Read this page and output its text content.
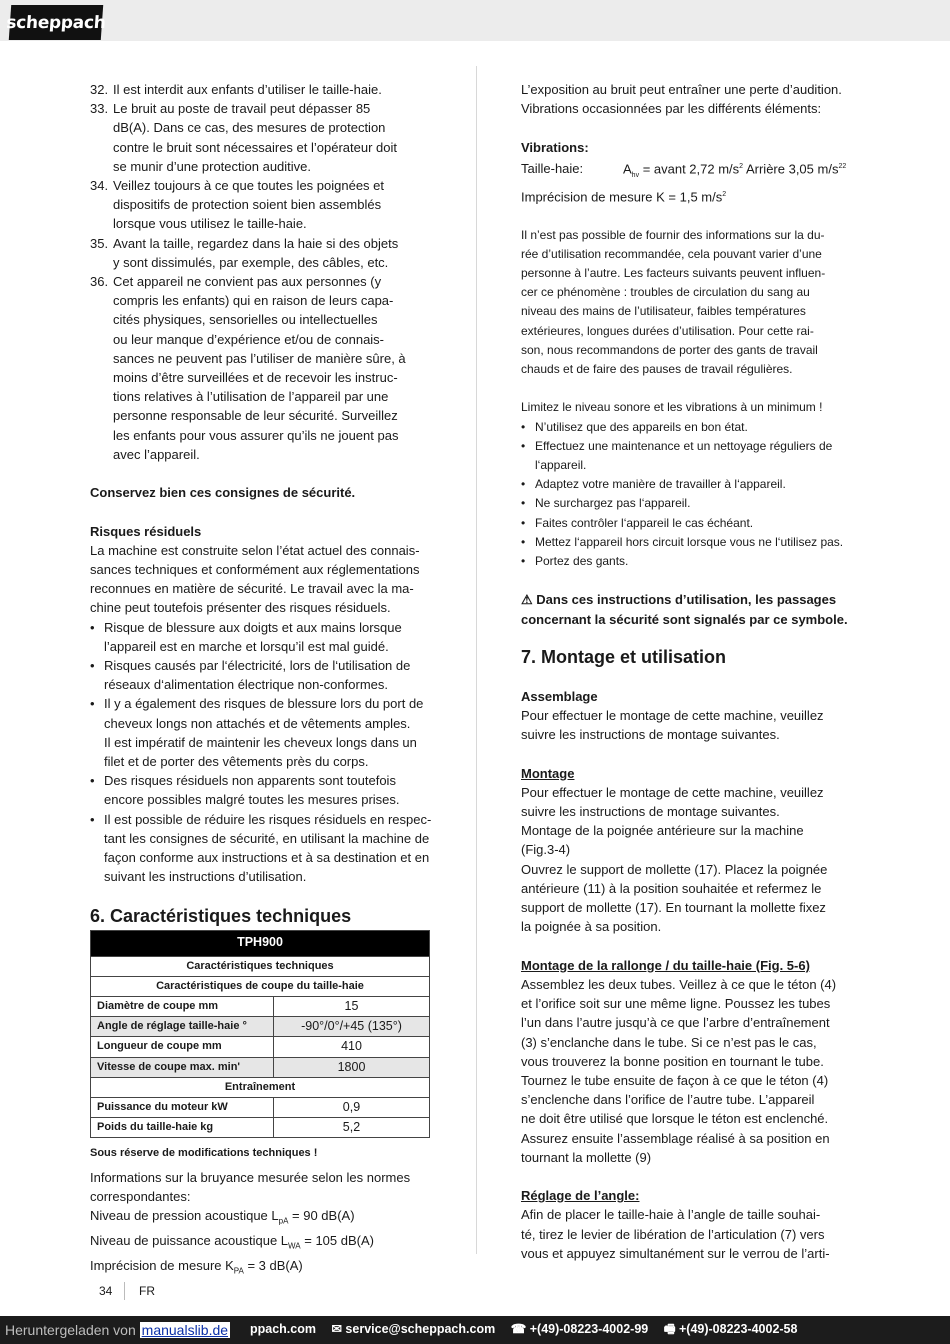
scheppach
32. Il est interdit aux enfants d’utiliser le taille-haie.
33. Le bruit au poste de travail peut dépasser 85
dB(A). Dans ce cas, des mesures de protection
contre le bruit sont nécessaires et l’opérateur doit
se munir d’une protection auditive.
34. Veillez toujours à ce que toutes les poignées et
dispositifs de protection soient bien assemblés
lorsque vous utilisez le taille-haie.
35. Avant la taille, regardez dans la haie si des objets
y sont dissimulés, par exemple, des câbles, etc.
36. Cet appareil ne convient pas aux personnes (y
compris les enfants) qui en raison de leurs capa-
cités physiques, sensorielles ou intellectuelles
ou leur manque d’expérience et/ou de connais-
sances ne peuvent pas l’utiliser de manière sûre, à
moins d’être surveillées et de recevoir les instruc-
tions relatives à l’utilisation de l’appareil par une
personne responsable de leur sécurité. Surveillez
les enfants pour vous assurer qu’ils ne jouent pas
avec l’appareil.
Conservez bien ces consignes de sécurité.
Risques résiduels
La machine est construite selon l’état actuel des connais-
sances techniques et conformément aux réglementations
reconnues en matière de sécurité. Le travail avec la ma-
chine peut toutefois présenter des risques résiduels.
• Risque de blessure aux doigts et aux mains lorsque
l’appareil est en marche et lorsqu’il est mal guidé.
• Risques causés par l‘électricité, lors de l‘utilisation de
réseaux d‘alimentation électrique non-conformes.
• Il y a également des risques de blessure lors du port de
cheveux longs non attachés et de vêtements amples.
Il est impératif de maintenir les cheveux longs dans un
filet et de porter des vêtements près du corps.
• Des risques résiduels non apparents sont toutefois
encore possibles malgré toutes les mesures prises.
• Il est possible de réduire les risques résiduels en respec-
tant les consignes de sécurité, en utilisant la machine de
façon conforme aux instructions et à sa destination et en
suivant les instructions d’utilisation.
6. Caractéristiques techniques
TPH900	
Caractéristiques techniques	
Caractéristiques de coupe du taille-haie	
Diamètre de coupe mm	15
Angle de réglage taille-haie °	-90°/0°/+45 (135°)
Longueur de coupe mm	410
Vitesse de coupe max. min'	1800
Entraînement	
Puissance du moteur kW	0,9
Poids du taille-haie kg	5,2
Sous réserve de modifications techniques !
Informations sur la bruyance mesurée selon les normes
correspondantes:
Niveau de pression acoustique $L_{pA} = 90$ dB(A)
Niveau de puissance acoustique $L_{WA} = 105$ dB(A)
Imprécision de mesure $K_{PA} = 3$ dB(A)
L’exposition au bruit peut entraîner une perte d’audition.
Vibrations occasionnées par les différents éléments:
Vibrations:
Taille-haie:	$A_{hv}$ = avant 2,72 $m/s^2$ Arrière 3,05 $m/s^{22}$
Imprécision de mesure K = 1,5 $m/s^2$
Il n’est pas possible de fournir des informations sur la du-
rée d’utilisation recommandée, cela pouvant varier d’une
personne à l’autre. Les facteurs suivants peuvent influen-
cer ce phénomène : troubles de circulation du sang au
niveau des mains de l’utilisateur, faibles températures
extérieures, longues durées d’utilisation. Pour cette rai-
son, nous recommandons de porter des gants de travail
chauds et de faire des pauses de travail régulières.
Limitez le niveau sonore et les vibrations à un minimum !
• N’utilisez que des appareils en bon état.
• Effectuez une maintenance et un nettoyage réguliers de
l‘appareil.
• Adaptez votre manière de travailler à l‘appareil.
• Ne surchargez pas l‘appareil.
• Faites contrôler l‘appareil le cas échéant.
• Mettez l‘appareil hors circuit lorsque vous ne l‘utilisez pas.
• Portez des gants.
⚠ Dans ces instructions d’utilisation, les passages
concernant la sécurité sont signalés par ce symbole.
7. Montage et utilisation
Assemblage
Pour effectuer le montage de cette machine, veuillez
suivre les instructions de montage suivantes.
Montage
Pour effectuer le montage de cette machine, veuillez
suivre les instructions de montage suivantes.
Montage de la poignée antérieure sur la machine
(Fig.3-4)
Ouvrez le support de mollette (17). Placez la poignée
antérieure (11) à la position souhaitée et refermez le
support de mollette (17). En tournant la mollette fixez
la poignée à sa position.
Montage de la rallonge / du taille-haie (Fig. 5-6)
Assemblez les deux tubes. Veillez à ce que le téton (4)
et l’orifice soit sur une même ligne. Poussez les tubes
l’un dans l’autre jusqu’à ce que l’arbre d’entraînement
(3) s’enclanche dans le tube. Si ce n’est pas le cas,
vous trouverez la bonne position en tournant le tube.
Tournez le tube ensuite de façon à ce que le téton (4)
s’enclenche dans l’orifice de l’autre tube. L’appareil
ne doit être utilisé que lorsque le téton est enclenché.
Assurez ensuite l’assemblage réalisé à sa position en
tournant la mollette (9)
Réglage de l’angle:
Afin de placer le taille-haie à l’angle de taille souhai-
té, tirez le levier de libération de l’articulation (7) vers
vous et appuyez simultanément sur le verrou de l’arti-
34 FR
Heruntergeladen von manualslib.de ppach.com ✉ service@scheppach.com ☎ +(49)-08223-4002-99 🖷 +(49)-08223-4002-58
